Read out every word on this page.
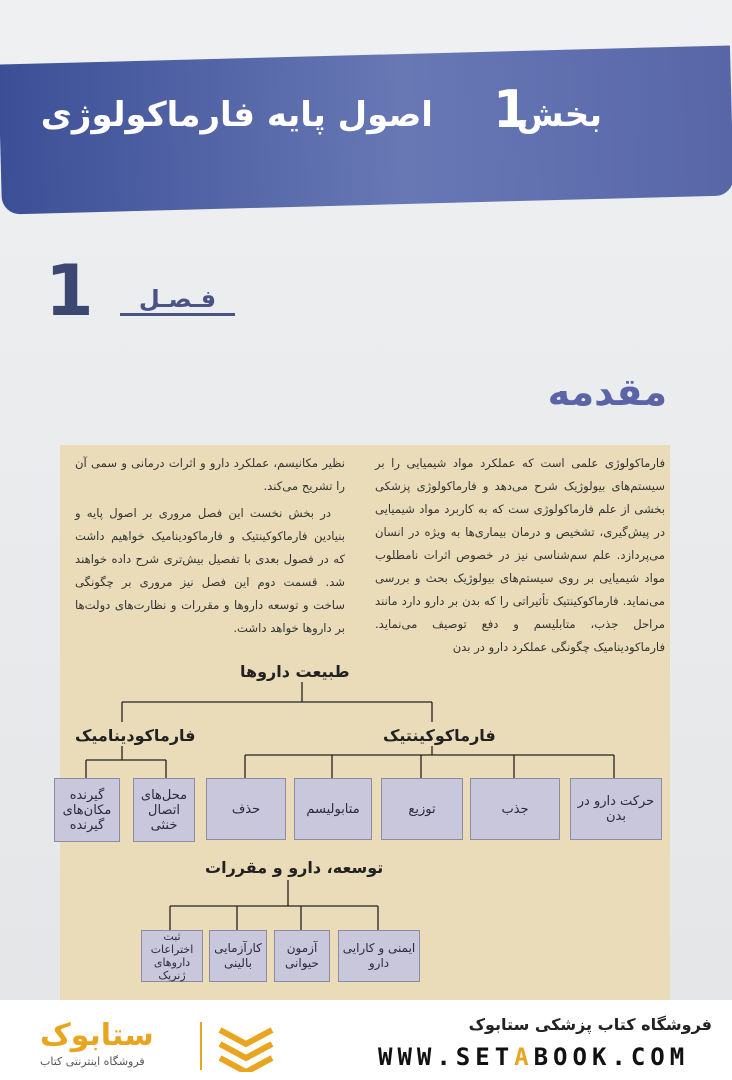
1
بخش  اصول پایه فارماکولوژی
1	فـصـل
مقدمه

فارماکولوژی علمی است که عملکرد مواد شیمیایی را بر سیستم‌های بیولوژیک شرح می‌دهد و فارماکولوژی پزشکی بخشی از علم فارماکولوژی ست که به کاربرد مواد شیمیایی در پیش‌گیری، تشخیص و درمان بیماری‌ها به ویژه در انسان می‌پردازد. علم سم‌شناسی نیز در خصوص اثرات نامطلوب مواد شیمیایی بر روی سیستم‌های بیولوژیک بحث و بررسی می‌نماید. فارماکوکینتیک تأثیراتی را که بدن بر دارو دارد مانند مراحل جذب، متابلیسم و دفع توصیف می‌نماید. فارماکودینامیک چگونگی عملکرد دارو در بدن

نظیر مکانیسم، عملکرد دارو و اثرات درمانی و سمی آن را تشریح می‌کند.

در بخش نخست این فصل مروری بر اصول پایه و بنیادین فارماکوکینتیک و فارماکودینامیک خواهیم داشت که در فصول بعدی با تفصیل بیش‌تری شرح داده خواهند شد. قسمت دوم این فصل نیز مروری بر چگونگی ساخت و توسعه داروها و مقررات و نظارت‌های دولت‌ها بر داروها خواهد داشت.

طبیعت داروها
فارماکودینامیک	فارماکوکینتیک
محل‌های اتصال خنثی
گیرنده مکان‌های گیرنده
حرکت دارو در بدن
جذب
توزیع
متابولیسم
حذف
توسعه، دارو و مقررات
ایمنی و کارایی دارو
آزمون حیوانی
کارآزمایی بالینی
ثبت اختراعات داروهای ژنریک
فروشگاه کتاب پزشکی ستابوک
WWW.SETABOOK.COM
ستابوک
فروشگاه اینترنتی کتاب
